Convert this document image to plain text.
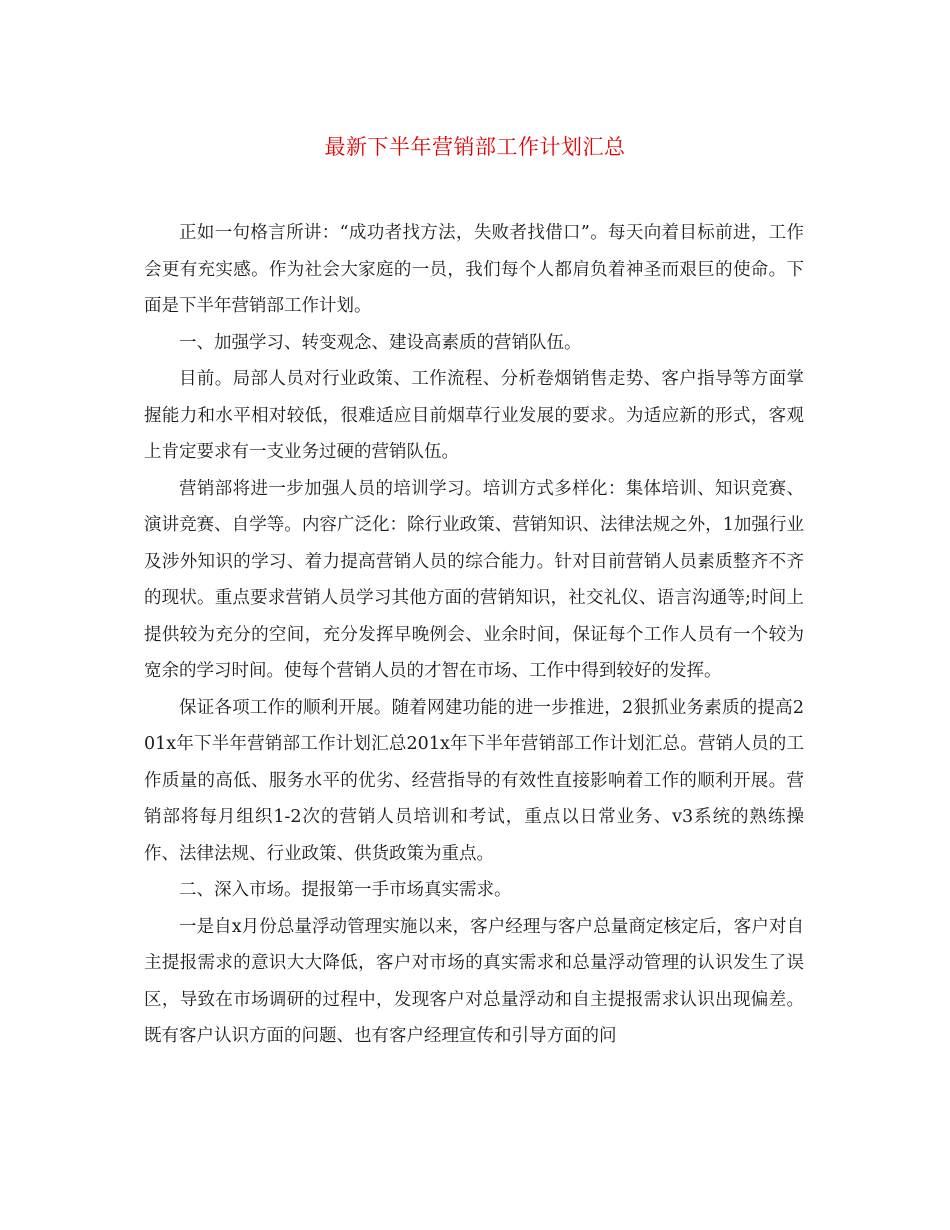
最新下半年营销部工作计划汇总

正如一句格言所讲：“成功者找方法，失败者找借口”。每天向着目标前进，工作会更有充实感。作为社会大家庭的一员，我们每个人都肩负着神圣而艰巨的使命。下面是下半年营销部工作计划。

一、加强学习、转变观念、建设高素质的营销队伍。

目前。局部人员对行业政策、工作流程、分析卷烟销售走势、客户指导等方面掌握能力和水平相对较低，很难适应目前烟草行业发展的要求。为适应新的形式，客观上肯定要求有一支业务过硬的营销队伍。

营销部将进一步加强人员的培训学习。培训方式多样化：集体培训、知识竞赛、演讲竞赛、自学等。内容广泛化：除行业政策、营销知识、法律法规之外，1加强行业及涉外知识的学习、着力提高营销人员的综合能力。针对目前营销人员素质整齐不齐的现状。重点要求营销人员学习其他方面的营销知识，社交礼仪、语言沟通等;时间上提供较为充分的空间，充分发挥早晚例会、业余时间，保证每个工作人员有一个较为宽余的学习时间。使每个营销人员的才智在市场、工作中得到较好的发挥。

保证各项工作的顺利开展。随着网建功能的进一步推进，2狠抓业务素质的提高201x年下半年营销部工作计划汇总201x年下半年营销部工作计划汇总。营销人员的工作质量的高低、服务水平的优劣、经营指导的有效性直接影响着工作的顺利开展。营销部将每月组织1-2次的营销人员培训和考试，重点以日常业务、v3系统的熟练操作、法律法规、行业政策、供货政策为重点。

二、深入市场。提报第一手市场真实需求。

一是自x月份总量浮动管理实施以来，客户经理与客户总量商定核定后，客户对自主提报需求的意识大大降低，客户对市场的真实需求和总量浮动管理的认识发生了误区，导致在市场调研的过程中，发现客户对总量浮动和自主提报需求认识出现偏差。既有客户认识方面的问题、也有客户经理宣传和引导方面的问
